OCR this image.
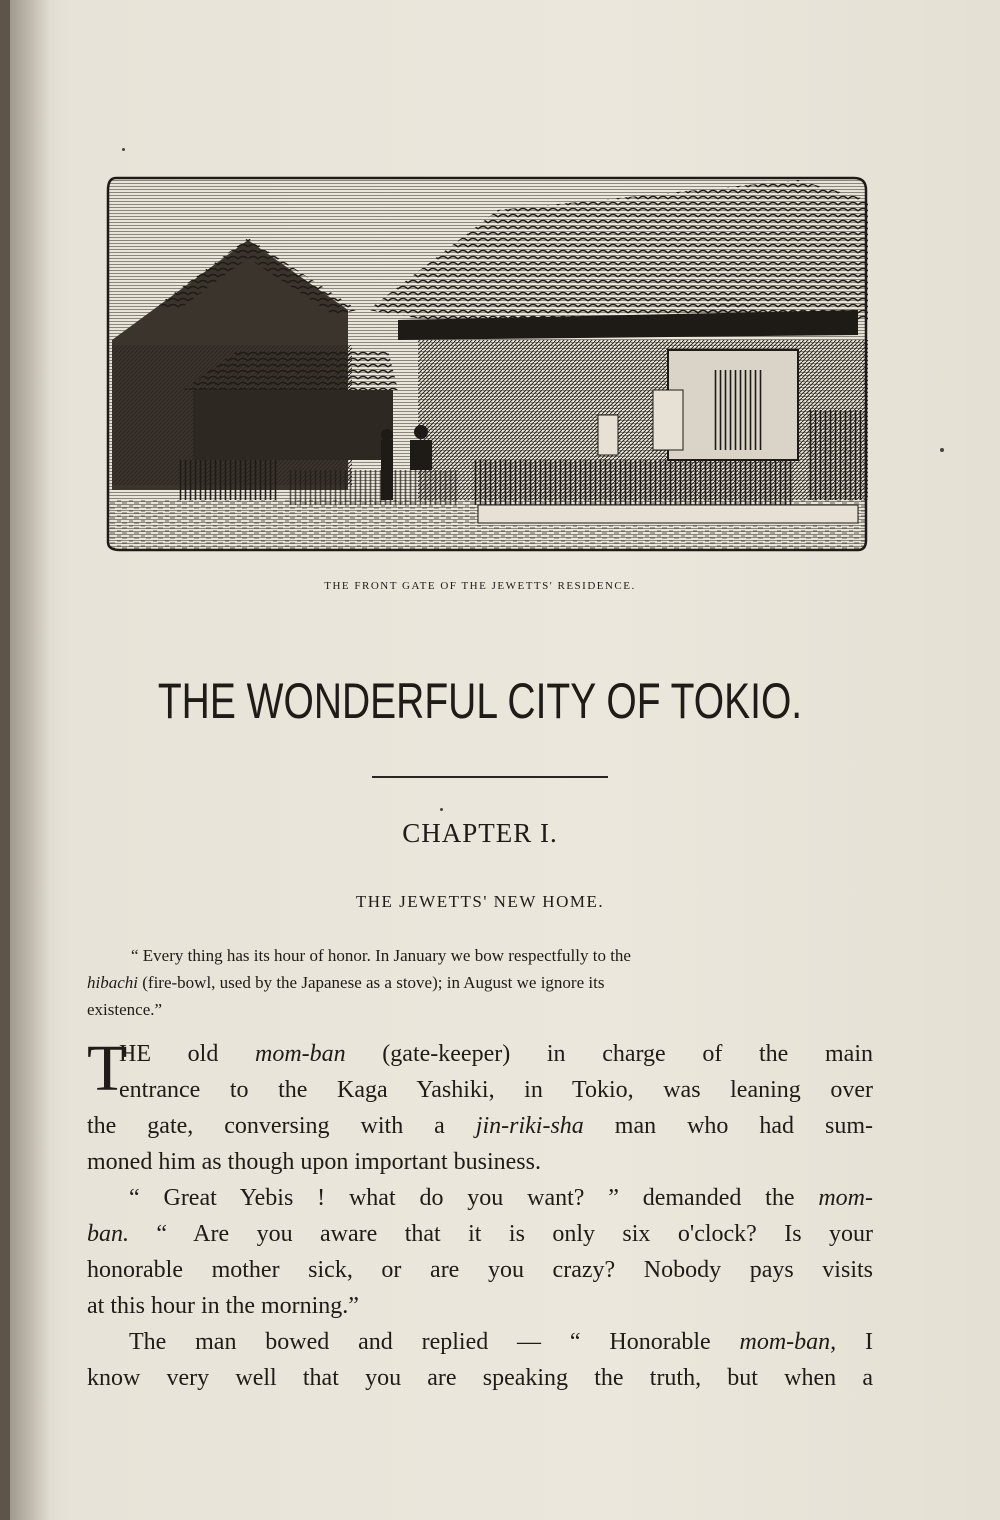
THE FRONT GATE OF THE JEWETTS' RESIDENCE.
THE WONDERFUL CITY OF TOKIO.
CHAPTER I.
THE JEWETTS' NEW HOME.
“ Every thing has its hour of honor. In January we bow respectfully to the
hibachi (fire-bowl, used by the Japanese as a stove); in August we ignore its
existence.”
T
HE old mom-ban (gate-keeper) in charge of the main
entrance to the Kaga Yashiki, in Tokio, was leaning over
the gate, conversing with a jin-riki-sha man who had sum-
moned him as though upon important business.
“ Great Yebis ! what do you want? ” demanded the mom-
ban. “ Are you aware that it is only six o'clock? Is your
honorable mother sick, or are you crazy? Nobody pays visits
at this hour in the morning.”
The man bowed and replied — “ Honorable mom-ban, I
know very well that you are speaking the truth, but when a
